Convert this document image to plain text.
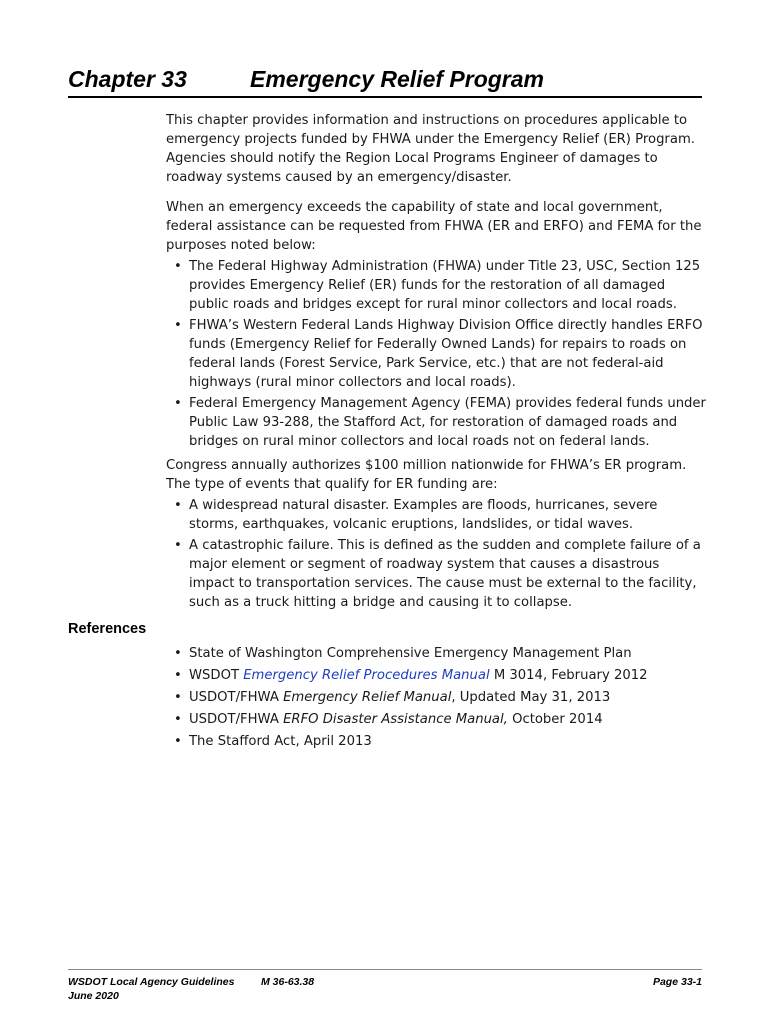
Chapter 33	Emergency Relief Program

This chapter provides information and instructions on procedures applicable to emergency projects funded by FHWA under the Emergency Relief (ER) Program. Agencies should notify the Region Local Programs Engineer of damages to roadway systems caused by an emergency/disaster.

When an emergency exceeds the capability of state and local government, federal assistance can be requested from FHWA (ER and ERFO) and FEMA for the purposes noted below:

• The Federal Highway Administration (FHWA) under Title 23, USC, Section 125 provides Emergency Relief (ER) funds for the restoration of all damaged public roads and bridges except for rural minor collectors and local roads.
• FHWA’s Western Federal Lands Highway Division Office directly handles ERFO funds (Emergency Relief for Federally Owned Lands) for repairs to roads on federal lands (Forest Service, Park Service, etc.) that are not federal-aid highways (rural minor collectors and local roads).
• Federal Emergency Management Agency (FEMA) provides federal funds under Public Law 93-288, the Stafford Act, for restoration of damaged roads and bridges on rural minor collectors and local roads not on federal lands.

Congress annually authorizes $100 million nationwide for FHWA’s ER program. The type of events that qualify for ER funding are:

• A widespread natural disaster. Examples are floods, hurricanes, severe storms, earthquakes, volcanic eruptions, landslides, or tidal waves.
• A catastrophic failure. This is defined as the sudden and complete failure of a major element or segment of roadway system that causes a disastrous impact to transportation services. The cause must be external to the facility, such as a truck hitting a bridge and causing it to collapse.
References
• State of Washington Comprehensive Emergency Management Plan
• WSDOT Emergency Relief Procedures Manual M 3014, February 2012
• USDOT/FHWA Emergency Relief Manual, Updated May 31, 2013
• USDOT/FHWA ERFO Disaster Assistance Manual, October 2014
• The Stafford Act, April 2013
WSDOT Local Agency Guidelines	M 36-63.38	Page 33-1
June 2020
